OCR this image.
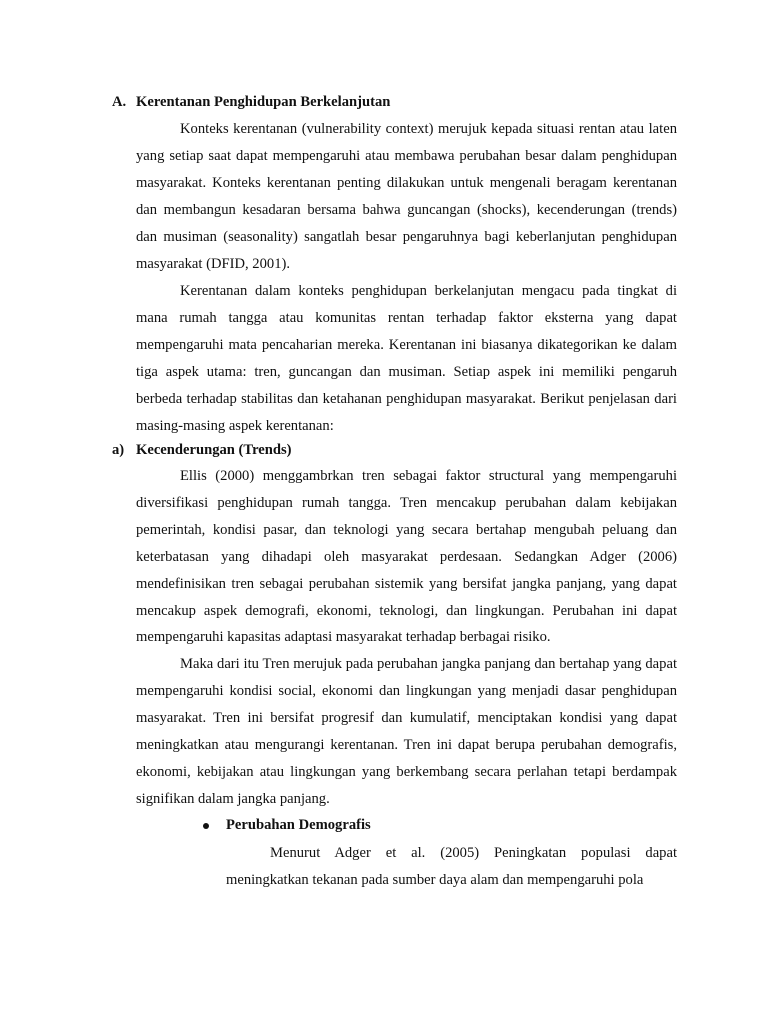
A. Kerentanan Penghidupan Berkelanjutan

Konteks kerentanan (vulnerability context) merujuk kepada situasi rentan atau laten yang setiap saat dapat mempengaruhi atau membawa perubahan besar dalam penghidupan masyarakat. Konteks kerentanan penting dilakukan untuk mengenali beragam kerentanan dan membangun kesadaran bersama bahwa guncangan (shocks), kecenderungan (trends) dan musiman (seasonality) sangatlah besar pengaruhnya bagi keberlanjutan penghidupan masyarakat (DFID, 2001).

Kerentanan dalam konteks penghidupan berkelanjutan mengacu pada tingkat di mana rumah tangga atau komunitas rentan terhadap faktor eksterna yang dapat mempengaruhi mata pencaharian mereka. Kerentanan ini biasanya dikategorikan ke dalam tiga aspek utama: tren, guncangan dan musiman. Setiap aspek ini memiliki pengaruh berbeda terhadap stabilitas dan ketahanan penghidupan masyarakat. Berikut penjelasan dari masing-masing aspek kerentanan:

a) Kecenderungan (Trends)

Ellis (2000) menggambrkan tren sebagai faktor structural yang mempengaruhi diversifikasi penghidupan rumah tangga. Tren mencakup perubahan dalam kebijakan pemerintah, kondisi pasar, dan teknologi yang secara bertahap mengubah peluang dan keterbatasan yang dihadapi oleh masyarakat perdesaan. Sedangkan Adger (2006) mendefinisikan tren sebagai perubahan sistemik yang bersifat jangka panjang, yang dapat mencakup aspek demografi, ekonomi, teknologi, dan lingkungan. Perubahan ini dapat mempengaruhi kapasitas adaptasi masyarakat terhadap berbagai risiko.

Maka dari itu Tren merujuk pada perubahan jangka panjang dan bertahap yang dapat mempengaruhi kondisi social, ekonomi dan lingkungan yang menjadi dasar penghidupan masyarakat. Tren ini bersifat progresif dan kumulatif, menciptakan kondisi yang dapat meningkatkan atau mengurangi kerentanan. Tren ini dapat berupa perubahan demografis, ekonomi, kebijakan atau lingkungan yang berkembang secara perlahan tetapi berdampak signifikan dalam jangka panjang.

Perubahan Demografis

Menurut Adger et al. (2005) Peningkatan populasi dapat meningkatkan tekanan pada sumber daya alam dan mempengaruhi pola
